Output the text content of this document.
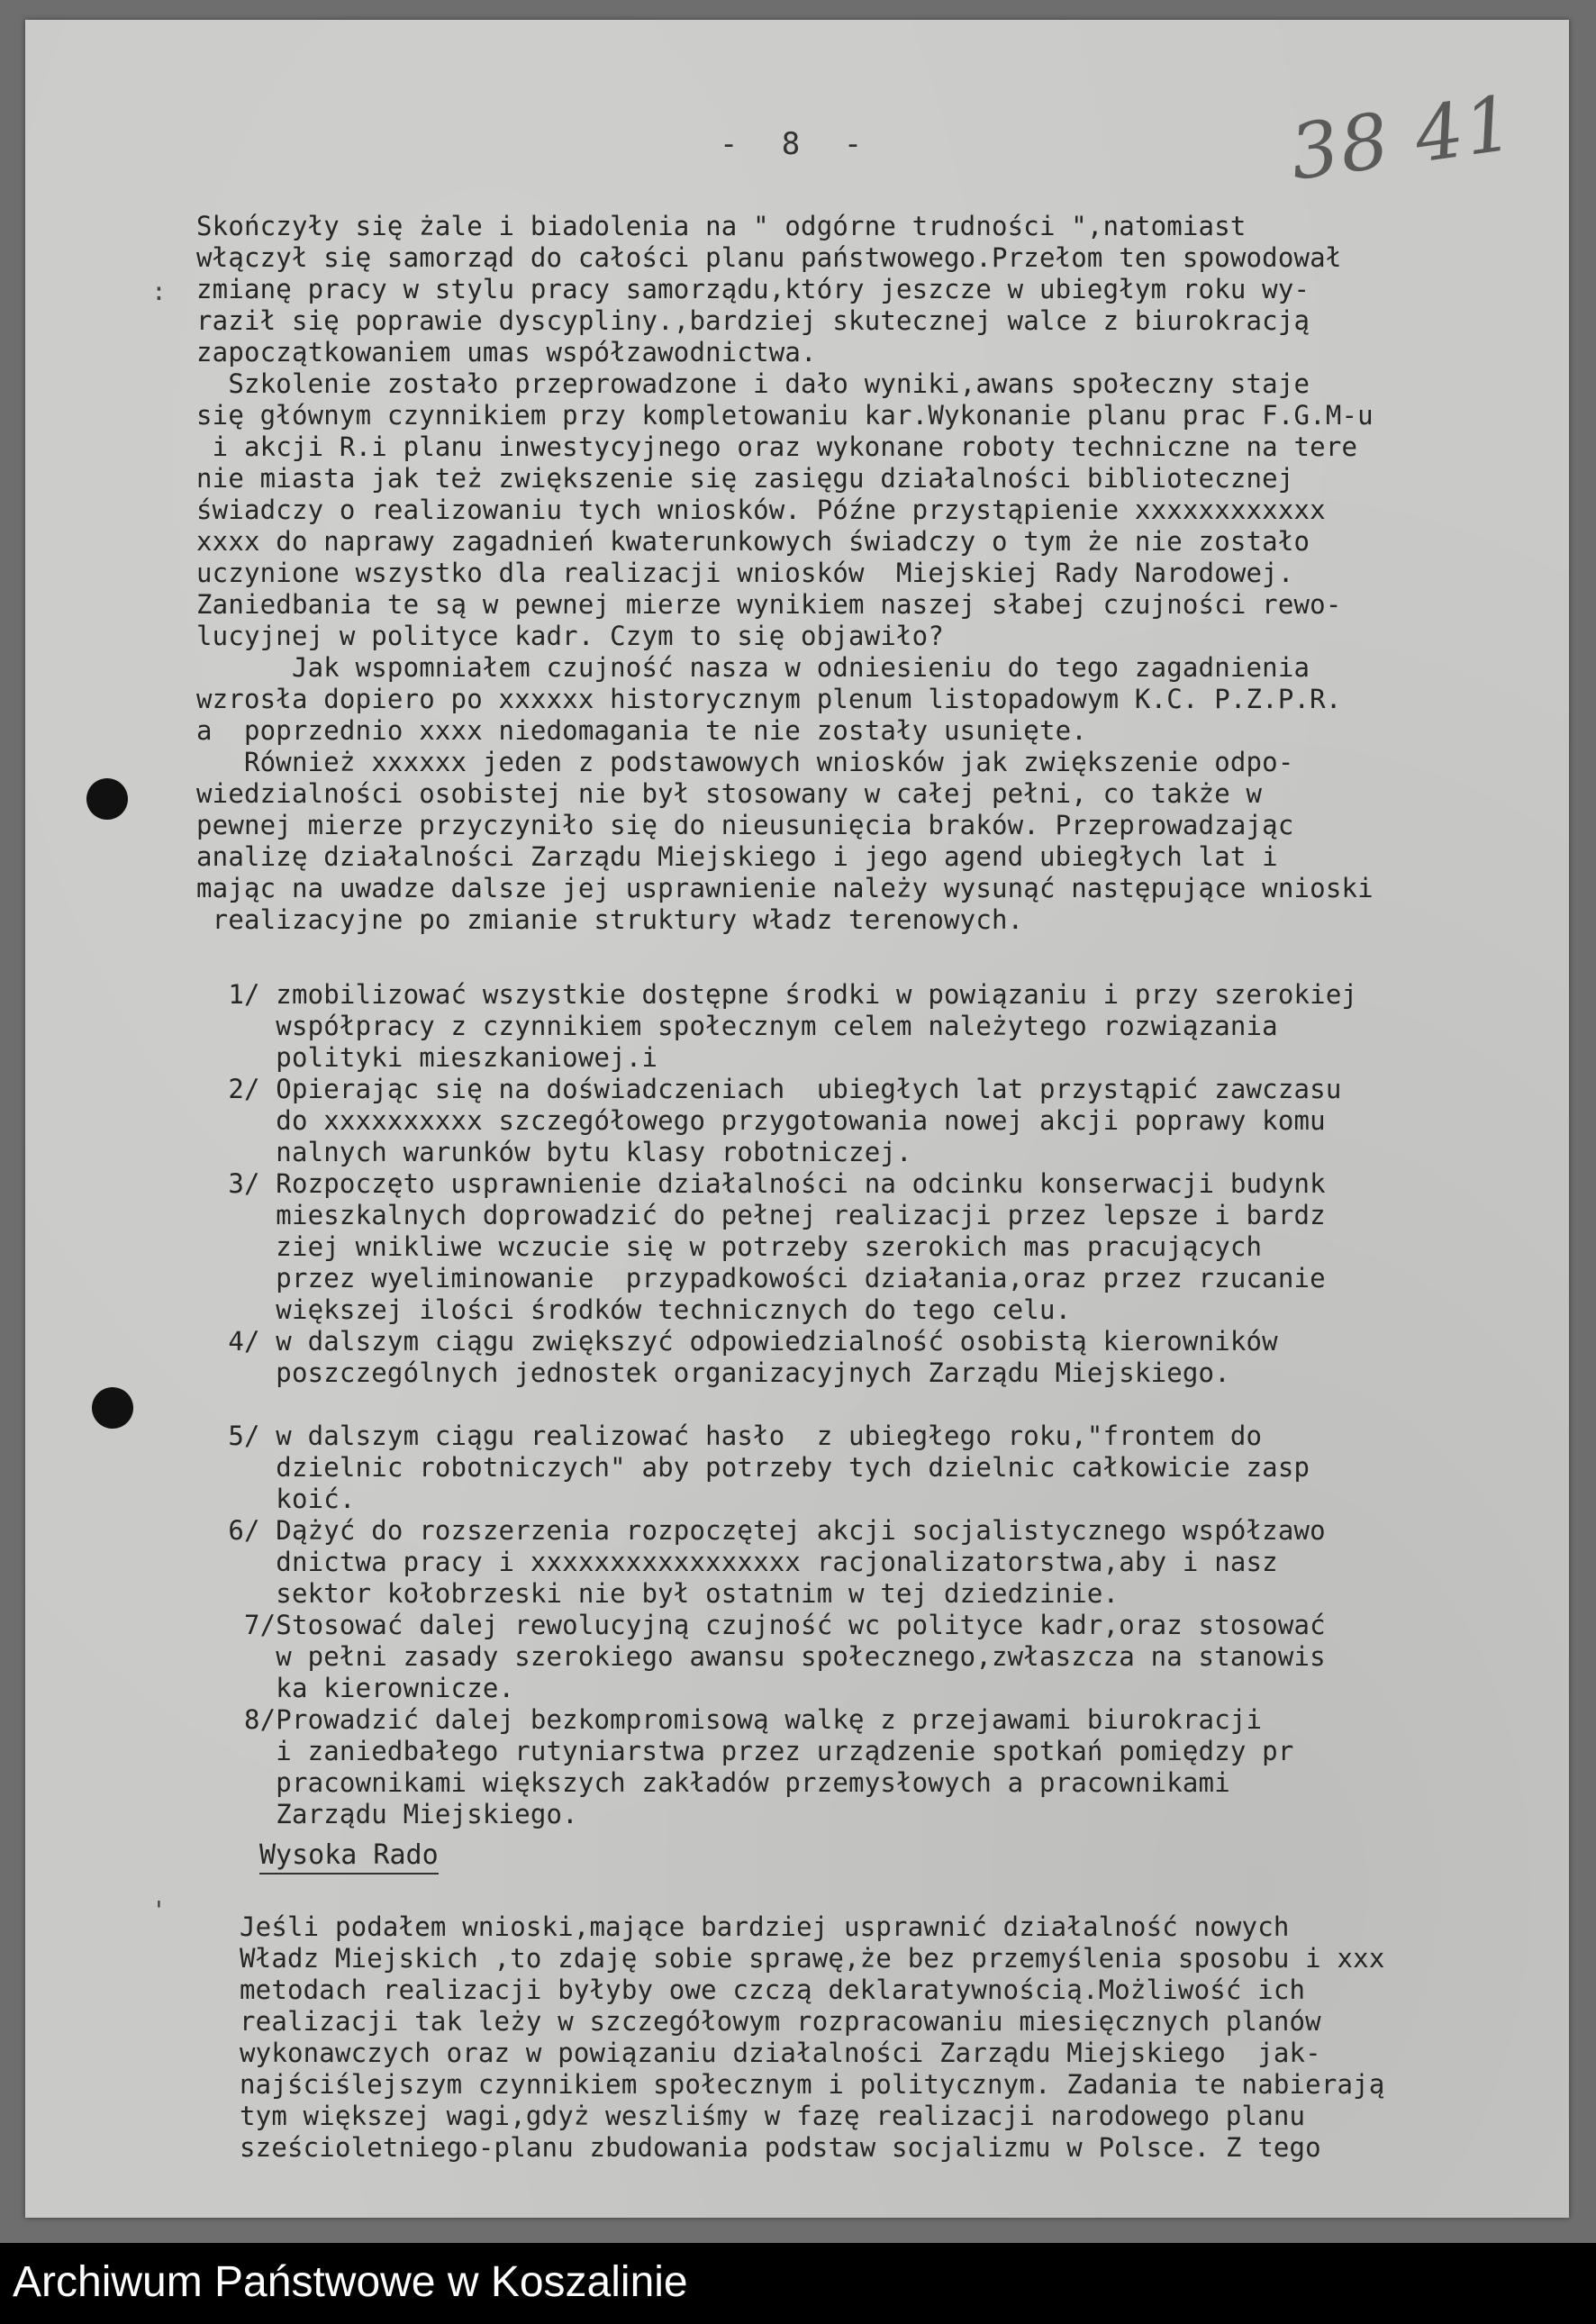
- 8 -	38 41
:
'
Skończyły się żale i biadolenia na " odgórne trudności ",natomiast
włączył się samorząd do całości planu państwowego.Przełom ten spowodował
zmianę pracy w stylu pracy samorządu,który jeszcze w ubiegłym roku wy-
raził się poprawie dyscypliny.,bardziej skutecznej walce z biurokracją
zapoczątkowaniem umas współzawodnictwa.
Szkolenie zostało przeprowadzone i dało wyniki,awans społeczny staje
się głównym czynnikiem przy kompletowaniu kar.Wykonanie planu prac F.G.M-u
i akcji R.i planu inwestycyjnego oraz wykonane roboty techniczne na tere
nie miasta jak też zwiększenie się zasięgu działalności bibliotecznej
świadczy o realizowaniu tych wniosków. Późne przystąpienie xxxxxxxxxxxx
xxxx do naprawy zagadnień kwaterunkowych świadczy o tym że nie zostało
uczynione wszystko dla realizacji wniosków  Miejskiej Rady Narodowej.
Zaniedbania te są w pewnej mierze wynikiem naszej słabej czujności rewo-
lucyjnej w polityce kadr. Czym to się objawiło?
Jak wspomniałem czujność nasza w odniesieniu do tego zagadnienia
wzrosła dopiero po xxxxxx historycznym plenum listopadowym K.C. P.Z.P.R.
a  poprzednio xxxx niedomagania te nie zostały usunięte.
Również xxxxxx jeden z podstawowych wniosków jak zwiększenie odpo-
wiedzialności osobistej nie był stosowany w całej pełni, co także w
pewnej mierze przyczyniło się do nieusunięcia braków. Przeprowadzając
analizę działalności Zarządu Miejskiego i jego agend ubiegłych lat i
mając na uwadze dalsze jej usprawnienie należy wysunąć następujące wnioski
realizacyjne po zmianie struktury władz terenowych.
1/ zmobilizować wszystkie dostępne środki w powiązaniu i przy szerokiej
współpracy z czynnikiem społecznym celem należytego rozwiązania
polityki mieszkaniowej.i
2/ Opierając się na doświadczeniach  ubiegłych lat przystąpić zawczasu
do xxxxxxxxxx szczegółowego przygotowania nowej akcji poprawy komu
nalnych warunków bytu klasy robotniczej.
3/ Rozpoczęto usprawnienie działalności na odcinku konserwacji budynk
mieszkalnych doprowadzić do pełnej realizacji przez lepsze i bardz
ziej wnikliwe wczucie się w potrzeby szerokich mas pracujących
przez wyeliminowanie  przypadkowości działania,oraz przez rzucanie
większej ilości środków technicznych do tego celu.
4/ w dalszym ciągu zwiększyć odpowiedzialność osobistą kierowników
poszczególnych jednostek organizacyjnych Zarządu Miejskiego.
5/ w dalszym ciągu realizować hasło  z ubiegłego roku,"frontem do
dzielnic robotniczych" aby potrzeby tych dzielnic całkowicie zasp
koić.
6/ Dążyć do rozszerzenia rozpoczętej akcji socjalistycznego współzawo
dnictwa pracy i xxxxxxxxxxxxxxxxx racjonalizatorstwa,aby i nasz
sektor kołobrzeski nie był ostatnim w tej dziedzinie.
7/Stosować dalej rewolucyjną czujność wc polityce kadr,oraz stosować
w pełni zasady szerokiego awansu społecznego,zwłaszcza na stanowis
ka kierownicze.
8/Prowadzić dalej bezkompromisową walkę z przejawami biurokracji
i zaniedbałego rutyniarstwa przez urządzenie spotkań pomiędzy pr
pracownikami większych zakładów przemysłowych a pracownikami
Zarządu Miejskiego.
Wysoka Rado
Jeśli podałem wnioski,mające bardziej usprawnić działalność nowych
Władz Miejskich ,to zdaję sobie sprawę,że bez przemyślenia sposobu i xxx
metodach realizacji byłyby owe czczą deklaratywnością.Możliwość ich
realizacji tak leży w szczegółowym rozpracowaniu miesięcznych planów
wykonawczych oraz w powiązaniu działalności Zarządu Miejskiego  jak-
najściślejszym czynnikiem społecznym i politycznym. Zadania te nabierają
tym większej wagi,gdyż weszliśmy w fazę realizacji narodowego planu
sześcioletniego-planu zbudowania podstaw socjalizmu w Polsce. Z tego
Archiwum Państwowe w Koszalinie
